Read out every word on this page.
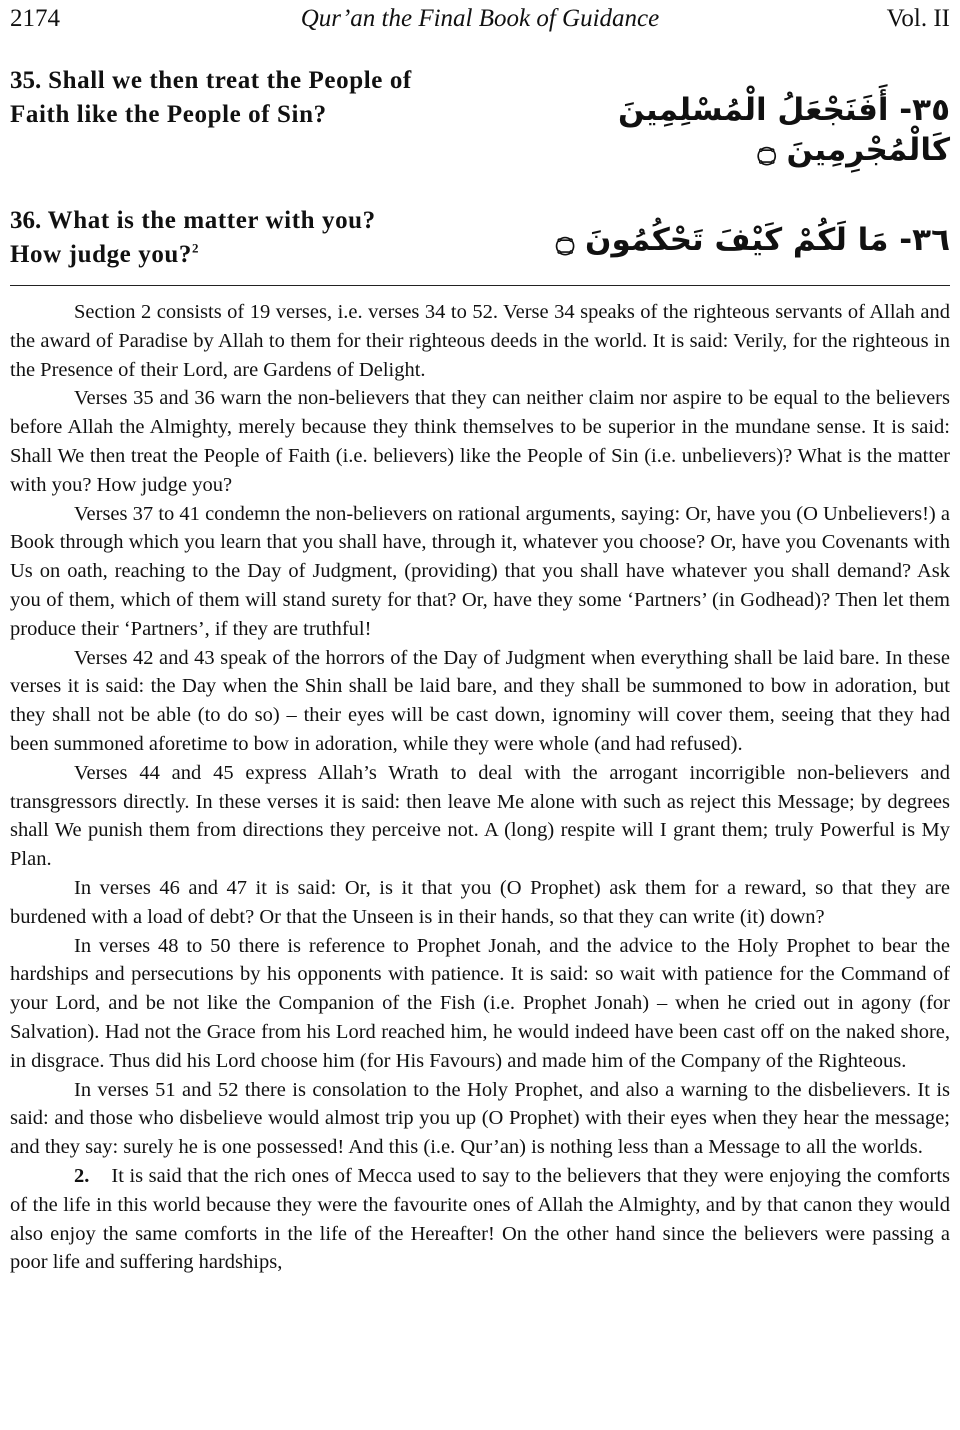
2174	Qur’an the Final Book of Guidance	Vol. II
35. Shall we then treat the People of Faith like the People of Sin?	٣٥- أَفَنَجْعَلُ الْمُسْلِمِينَ كَالْمُجْرِمِينَ ۝
36. What is the matter with you? How judge you?$^2$	٣٦- مَا لَكُمْ كَيْفَ تَحْكُمُونَ ۝

Section 2 consists of 19 verses, i.e. verses 34 to 52. Verse 34 speaks of the righteous servants of Allah and the award of Paradise by Allah to them for their righteous deeds in the world. It is said: Verily, for the righteous in the Presence of their Lord, are Gardens of Delight.

Verses 35 and 36 warn the non-believers that they can neither claim nor aspire to be equal to the believers before Allah the Almighty, merely because they think themselves to be superior in the mundane sense. It is said: Shall We then treat the People of Faith (i.e. believers) like the People of Sin (i.e. unbelievers)? What is the matter with you? How judge you?

Verses 37 to 41 condemn the non-believers on rational arguments, saying: Or, have you (O Unbelievers!) a Book through which you learn that you shall have, through it, whatever you choose? Or, have you Covenants with Us on oath, reaching to the Day of Judgment, (providing) that you shall have whatever you shall demand? Ask you of them, which of them will stand surety for that? Or, have they some ‘Partners’ (in Godhead)? Then let them produce their ‘Partners’, if they are truthful!

Verses 42 and 43 speak of the horrors of the Day of Judgment when everything shall be laid bare. In these verses it is said: the Day when the Shin shall be laid bare, and they shall be summoned to bow in adoration, but they shall not be able (to do so) – their eyes will be cast down, ignominy will cover them, seeing that they had been summoned aforetime to bow in adoration, while they were whole (and had refused).

Verses 44 and 45 express Allah’s Wrath to deal with the arrogant incorrigible non-believers and transgressors directly. In these verses it is said: then leave Me alone with such as reject this Message; by degrees shall We punish them from directions they perceive not. A (long) respite will I grant them; truly Powerful is My Plan.

In verses 46 and 47 it is said: Or, is it that you (O Prophet) ask them for a reward, so that they are burdened with a load of debt? Or that the Unseen is in their hands, so that they can write (it) down?

In verses 48 to 50 there is reference to Prophet Jonah, and the advice to the Holy Prophet to bear the hardships and persecutions by his opponents with patience. It is said: so wait with patience for the Command of your Lord, and be not like the Companion of the Fish (i.e. Prophet Jonah) – when he cried out in agony (for Salvation). Had not the Grace from his Lord reached him, he would indeed have been cast off on the naked shore, in disgrace. Thus did his Lord choose him (for His Favours) and made him of the Company of the Righteous.

In verses 51 and 52 there is consolation to the Holy Prophet, and also a warning to the disbelievers. It is said: and those who disbelieve would almost trip you up (O Prophet) with their eyes when they hear the message; and they say: surely he is one possessed! And this (i.e. Qur’an) is nothing less than a Message to all the worlds.

2. It is said that the rich ones of Mecca used to say to the believers that they were enjoying the comforts of the life in this world because they were the favourite ones of Allah the Almighty, and by that canon they would also enjoy the same comforts in the life of the Hereafter! On the other hand since the believers were passing a poor life and suffering hardships,
